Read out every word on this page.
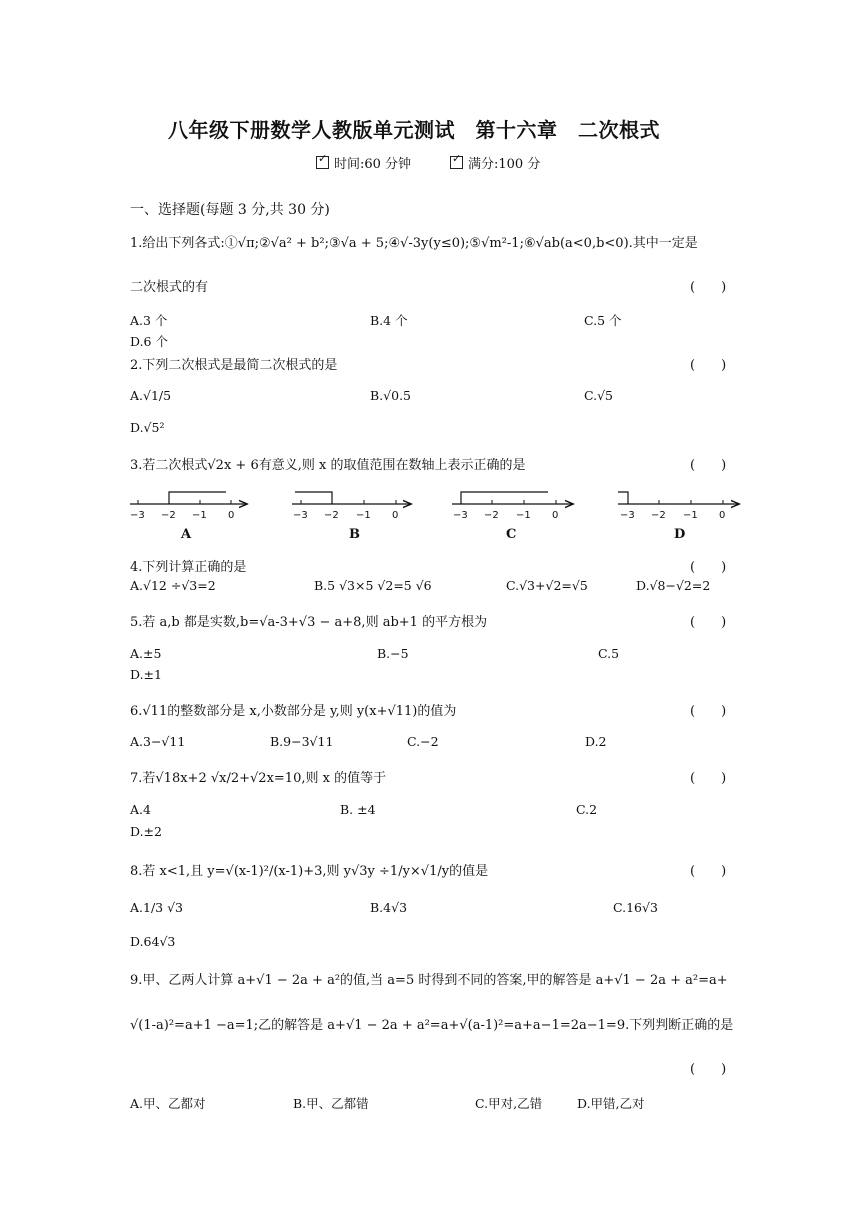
八年级下册数学人教版单元测试　第十六章　二次根式
✓时间:60 分钟
✓	满分:100 分
一、选择题(每题 3 分,共 30 分)
1.给出下列各式:①√π;②√a² + b²;③√a + 5;④√-3y(y≤0);⑤√m²-1;⑥√ab(a<0,b<0).其中一定是
二次根式的有	(　　)
A.3 个	B.4 个	C.5 个
D.6 个
2.下列二次根式是最简二次根式的是	(　　)
A.√1/5	B.√0.5	C.√5
D.√5²
3.若二次根式√2x + 6有意义,则 x 的取值范围在数轴上表示正确的是	(　　)
−3 −2 −1 0	−3 −2 −1 0	−3 −2 −1 0	−3 −2 −1 0
A	B	C	D
4.下列计算正确的是	(　　)
A.√12 ÷√3=2	B.5 √3×5 √2=5 √6	C.√3+√2=√5	D.√8−√2=2
5.若 a,b 都是实数,b=√a-3+√3 − a+8,则 ab+1 的平方根为	(　　)
A.±5	B.−5	C.5
D.±1
6.√11的整数部分是 x,小数部分是 y,则 y(x+√11)的值为	(　　)
A.3−√11	B.9−3√11	C.−2	D.2
7.若√18x+2 √x/2+√2x=10,则 x 的值等于	(　　)
A.4	B. ±4	C.2
D.±2
8.若 x<1,且 y=√(x-1)²/(x-1)+3,则 y√3y ÷1/y×√1/y的值是	(　　)
A.1/3 √3	B.4√3	C.16√3
D.64√3
9.甲、乙两人计算 a+√1 − 2a + a²的值,当 a=5 时得到不同的答案,甲的解答是 a+√1 − 2a + a²=a+
√(1-a)²=a+1 −a=1;乙的解答是 a+√1 − 2a + a²=a+√(a-1)²=a+a−1=2a−1=9.下列判断正确的是
(　　)
A.甲、乙都对	B.甲、乙都错	C.甲对,乙错	D.甲错,乙对
